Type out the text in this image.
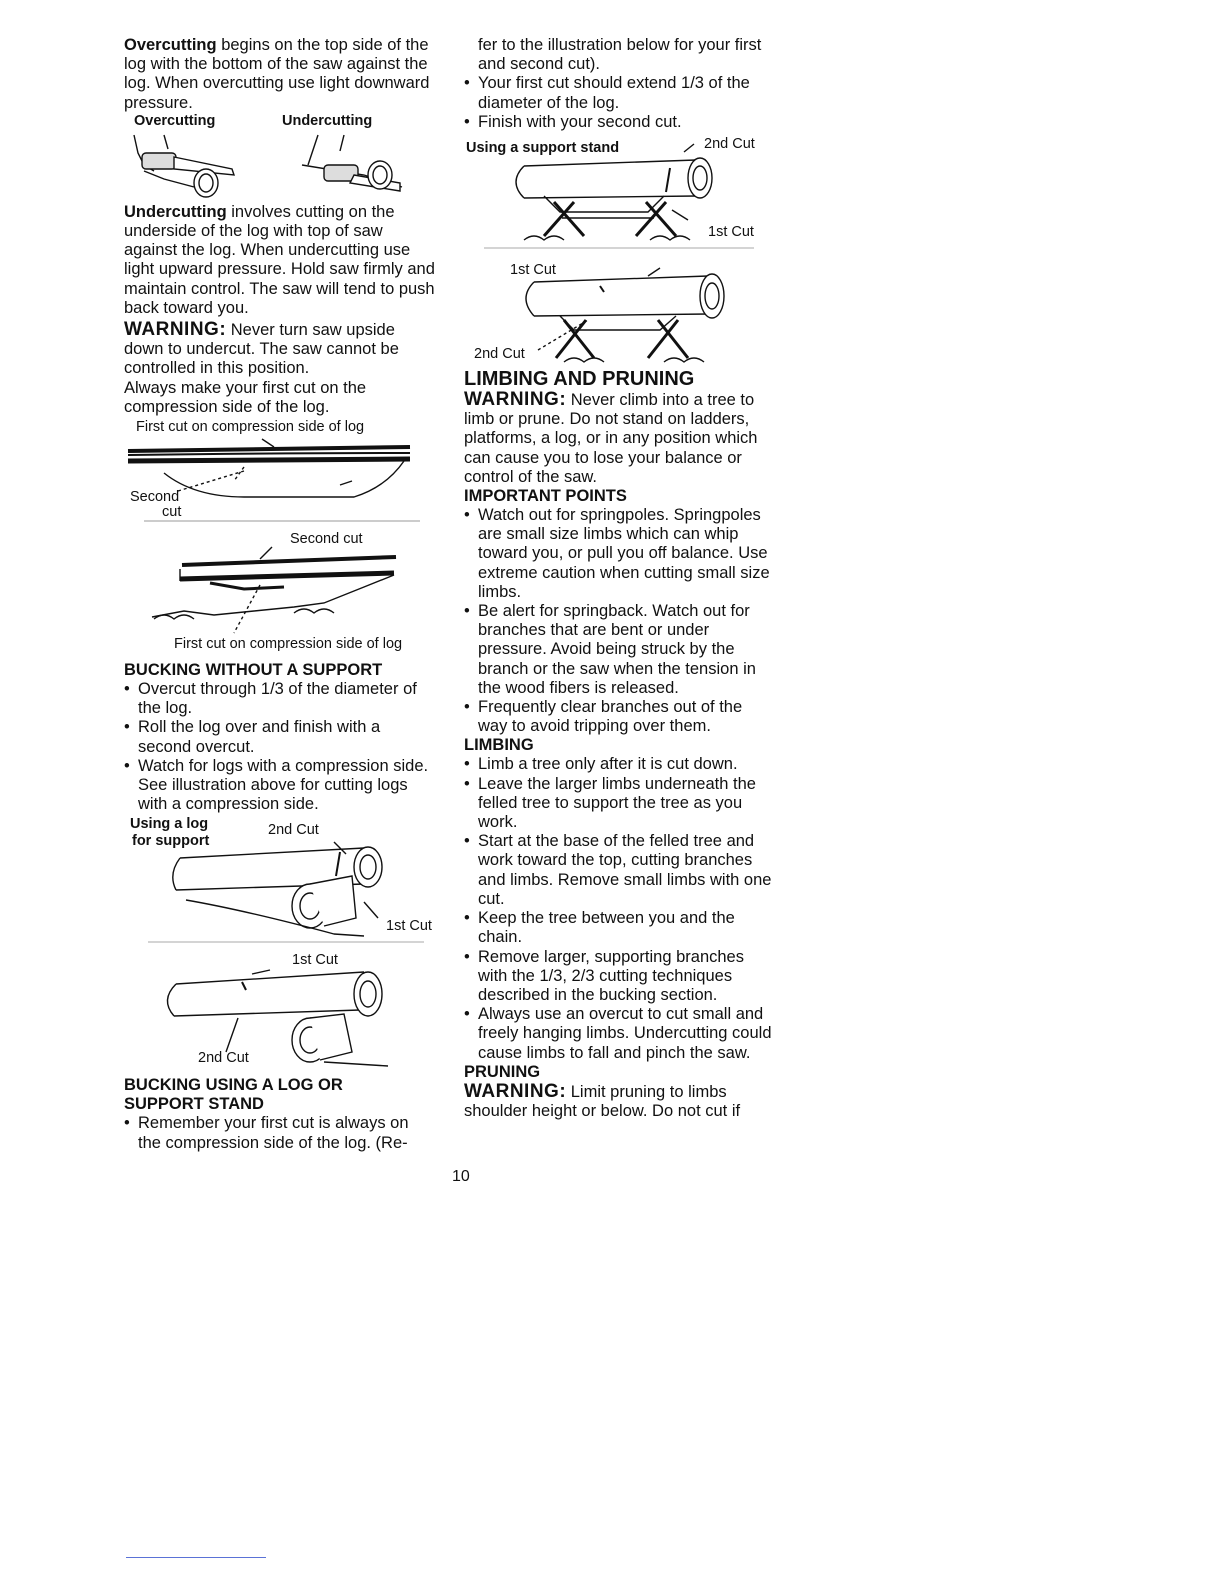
Overcutting begins on the top side of the log with the bottom of the saw against the log. When overcutting use light downward pressure.

Overcutting	Undercutting

Undercutting involves cutting on the underside of the log with top of saw against the log. When undercutting use light upward pressure. Hold saw firmly and maintain control. The saw will tend to push back toward you.

WARNING: Never turn saw upside down to undercut. The saw cannot be controlled in this position.

Always make your first cut on the compression side of the log.

First cut on compression side of log
Second
cut
Second cut
First cut on compression side of log
BUCKING WITHOUT A SUPPORT
• Overcut through 1/3 of the diameter of the log.
• Roll the log over and finish with a second overcut.
• Watch for logs with a compression side. See illustration above for cutting logs with a compression side.
Using a log
for support
2nd Cut
1st Cut
1st Cut
2nd Cut
BUCKING USING A LOG OR
SUPPORT STAND
• Remember your first cut is always on the compression side of the log. (Re-

fer to the illustration below for your first and second cut).

• Your first cut should extend 1/3 of the diameter of the log.
• Finish with your second cut.
Using a support stand	2nd Cut
1st Cut
1st Cut
2nd Cut
LIMBING AND PRUNING

WARNING: Never climb into a tree to limb or prune. Do not stand on ladders, platforms, a log, or in any position which can cause you to lose your balance or control of the saw.

IMPORTANT POINTS
• Watch out for springpoles. Springpoles are small size limbs which can whip toward you, or pull you off balance. Use extreme caution when cutting small size limbs.
• Be alert for springback. Watch out for branches that are bent or under pressure. Avoid being struck by the branch or the saw when the tension in the wood fibers is released.
• Frequently clear branches out of the way to avoid tripping over them.
LIMBING
• Limb a tree only after it is cut down.
• Leave the larger limbs underneath the felled tree to support the tree as you work.
• Start at the base of the felled tree and work toward the top, cutting branches and limbs. Remove small limbs with one cut.
• Keep the tree between you and the chain.
• Remove larger, supporting branches with the 1/3, 2/3 cutting techniques described in the bucking section.
• Always use an overcut to cut small and freely hanging limbs. Undercutting could cause limbs to fall and pinch the saw.
PRUNING

WARNING: Limit pruning to limbs shoulder height or below. Do not cut if

10
